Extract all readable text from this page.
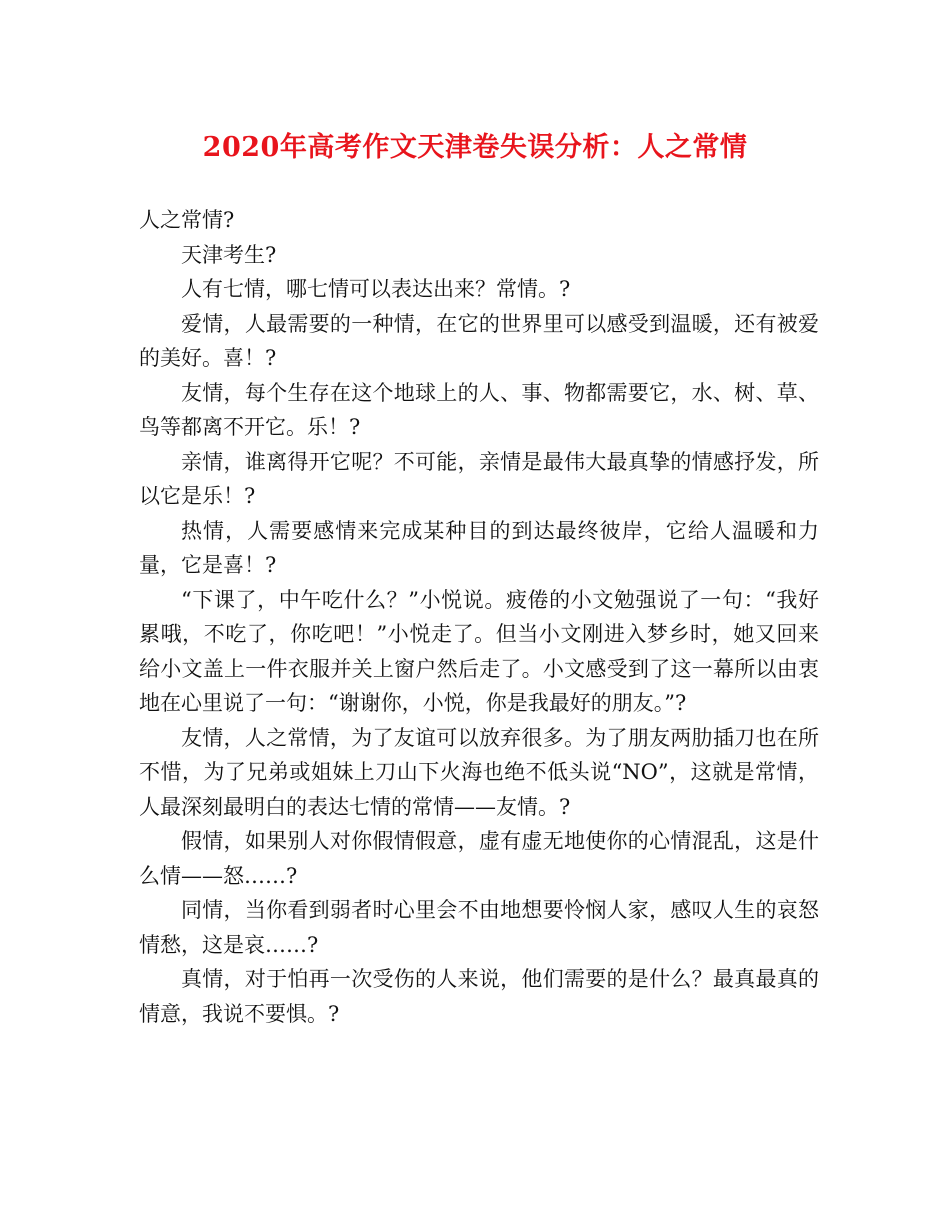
2020年高考作文天津卷失误分析：人之常情

人之常情?

天津考生?

人有七情，哪七情可以表达出来？常情。?

爱情，人最需要的一种情，在它的世界里可以感受到温暖，还有被爱的美好。喜！?

友情，每个生存在这个地球上的人、事、物都需要它，水、树、草、鸟等都离不开它。乐！?

亲情，谁离得开它呢？不可能，亲情是最伟大最真挚的情感抒发，所以它是乐！?

热情，人需要感情来完成某种目的到达最终彼岸，它给人温暖和力量，它是喜！?

“下课了，中午吃什么？”小悦说。疲倦的小文勉强说了一句：“我好累哦，不吃了，你吃吧！”小悦走了。但当小文刚进入梦乡时，她又回来给小文盖上一件衣服并关上窗户然后走了。小文感受到了这一幕所以由衷地在心里说了一句：“谢谢你，小悦，你是我最好的朋友。”?

友情，人之常情，为了友谊可以放弃很多。为了朋友两肋插刀也在所不惜，为了兄弟或姐妹上刀山下火海也绝不低头说“NO”，这就是常情，人最深刻最明白的表达七情的常情——友情。?

假情，如果别人对你假情假意，虚有虚无地使你的心情混乱，这是什么情——怒……?

同情，当你看到弱者时心里会不由地想要怜悯人家，感叹人生的哀怒情愁，这是哀……?

真情，对于怕再一次受伤的人来说，他们需要的是什么？最真最真的情意，我说不要惧。?
